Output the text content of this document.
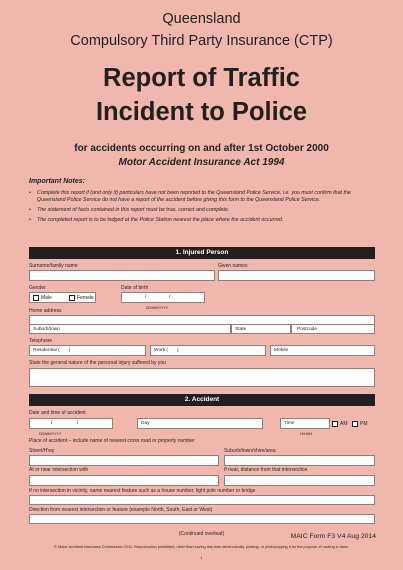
Queensland
Compulsory Third Party Insurance (CTP)
Report of Traffic
Incident to Police
for accidents occurring on and after 1st October 2000
Motor Accident Insurance Act 1994
Important Notes:
• Complete this report if (and only if) particulars have not been reported to the Queensland Police Service, i.e. you must confirm that the Queensland Police Service do not have a report of the accident before giving this form to the Queensland Police Service.
• The statement of facts contained in this report must be true, correct and complete.
• The completed report is to be lodged at the Police Station nearest the place where the accident occurred.
1. Injured Person
Surname/family name	Given names
Gender
Male	Female
Date of birth
/	/
DD/MM/YYYY
Home address
Suburb/town	State	Postcode
Telephone
Residential ( )	Work ( )	Mobile
State the general nature of the personal injury suffered by you
2. Accident
Date and time of accident
/	/
DD/MM/YYYY
Day	Time
HH:MM
AM	PM
Place of accident – include name of nearest cross road or property number
Street/H'wy	Suburb/town/shire/area
At or near intersection with	If near, distance from that intersection
If no intersection in vicinity, name nearest feature such as a house number, light pole number or bridge
Direction from nearest intersection or feature (example North, South, East or West)
(Continued overleaf)	MAIC Form F3 V4 Aug 2014
© Motor Accident Insurance Commission 2011. Reproduction prohibited, other than saving this form electronically, printing, or photocopying it for the purpose of making a claim.
1
